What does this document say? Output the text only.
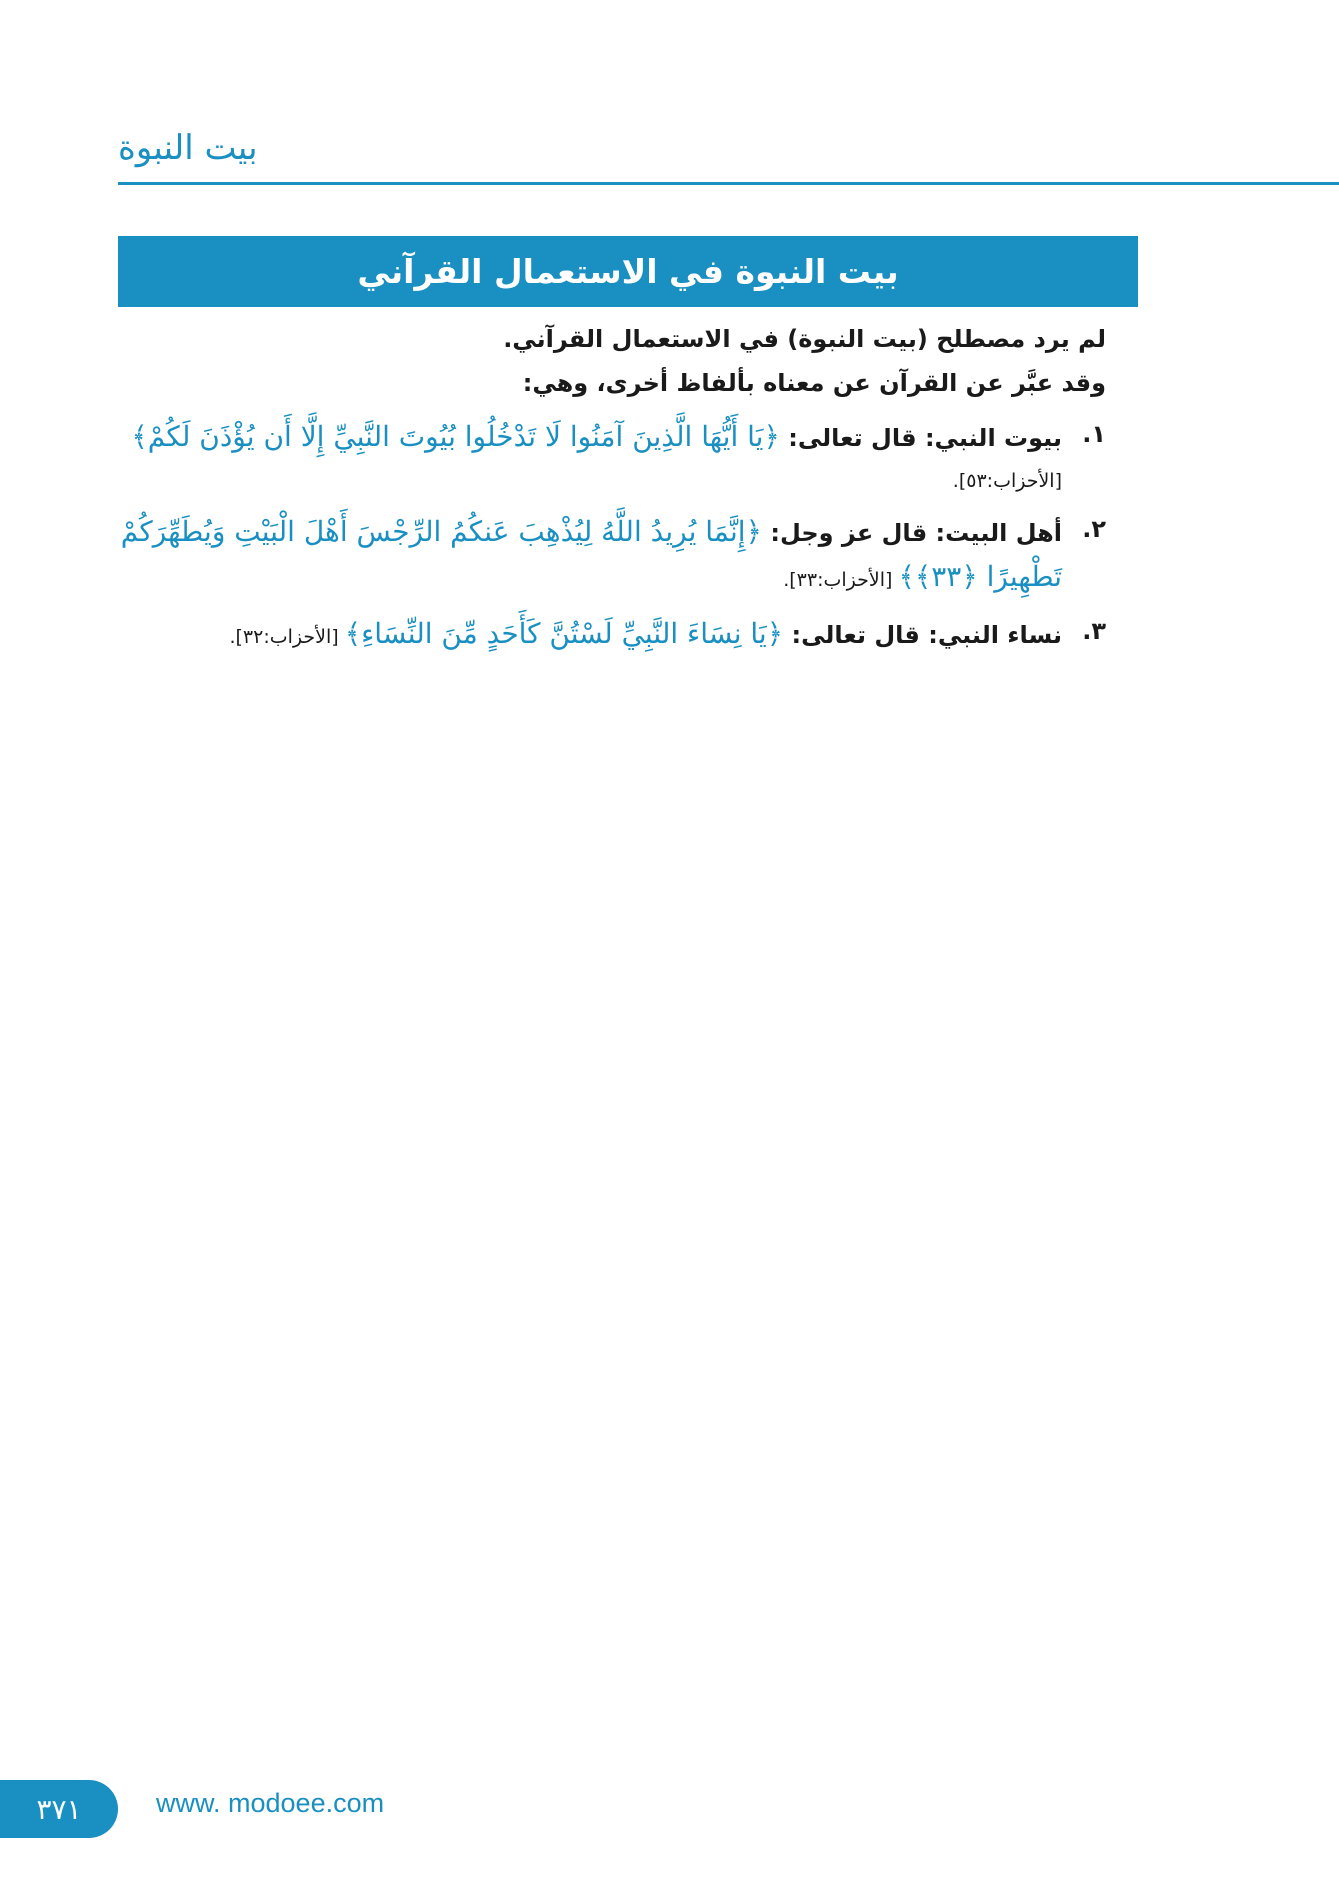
بيت النبوة
بيت النبوة في الاستعمال القرآني

لم يرد مصطلح (بيت النبوة) في الاستعمال القرآني.

وقد عبَّر عن القرآن عن معناه بألفاظ أخرى، وهي:

١.
بيوت النبي: قال تعالى: ﴿يَا أَيُّهَا الَّذِينَ آمَنُوا لَا تَدْخُلُوا بُيُوتَ النَّبِيِّ إِلَّا أَن يُؤْذَنَ لَكُمْ﴾ [الأحزاب:٥٣].
٢.
أهل البيت: قال عز وجل: ﴿إِنَّمَا يُرِيدُ اللَّهُ لِيُذْهِبَ عَنكُمُ الرِّجْسَ أَهْلَ الْبَيْتِ وَيُطَهِّرَكُمْ تَطْهِيرًا ﴿٣٣﴾﴾ [الأحزاب:٣٣].
٣.
نساء النبي: قال تعالى: ﴿يَا نِسَاءَ النَّبِيِّ لَسْتُنَّ كَأَحَدٍ مِّنَ النِّسَاءِ﴾ [الأحزاب:٣٢].
٣٧١	www. modoee.com
